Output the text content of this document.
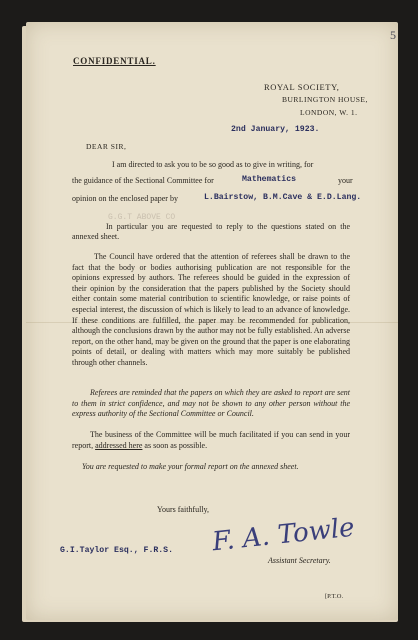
5
CONFIDENTIAL.
ROYAL SOCIETY,
BURLINGTON HOUSE,
LONDON, W. 1.
2nd January, 1923.
DEAR SIR,
I am directed to ask you to be so good as to give in writing, for
the guidance of the Sectional Committee for	Mathematics	your
opinion on the enclosed paper by	L.Bairstow, B.M.Cave & E.D.Lang.
G.G.T ABOVE CO
In particular you are requested to reply to the questions stated on the annexed sheet.
The Council have ordered that the attention of referees shall be drawn to the fact that the body or bodies authorising publication are not responsible for the opinions expressed by authors. The referees should be guided in the expression of their opinion by the consideration that the papers published by the Society should either contain some material contribution to scientific knowledge, or raise points of especial interest, the discussion of which is likely to lead to an advance of knowledge. If these conditions are fulfilled, the paper may be recommended for publication, although the conclusions drawn by the author may not be fully established. An adverse report, on the other hand, may be given on the ground that the paper is one elaborating points of detail, or dealing with matters which may more suitably be published through other channels.
Referees are reminded that the papers on which they are asked to report are sent to them in strict confidence, and may not be shown to any other person without the express authority of the Sectional Committee or Council.
The business of the Committee will be much facilitated if you can send in your report, addressed here as soon as possible.
You are requested to make your formal report on the annexed sheet.
Yours faithfully,
F. A. Towle
G.I.Taylor Esq., F.R.S.
Assistant Secretary.
[P.T.O.
